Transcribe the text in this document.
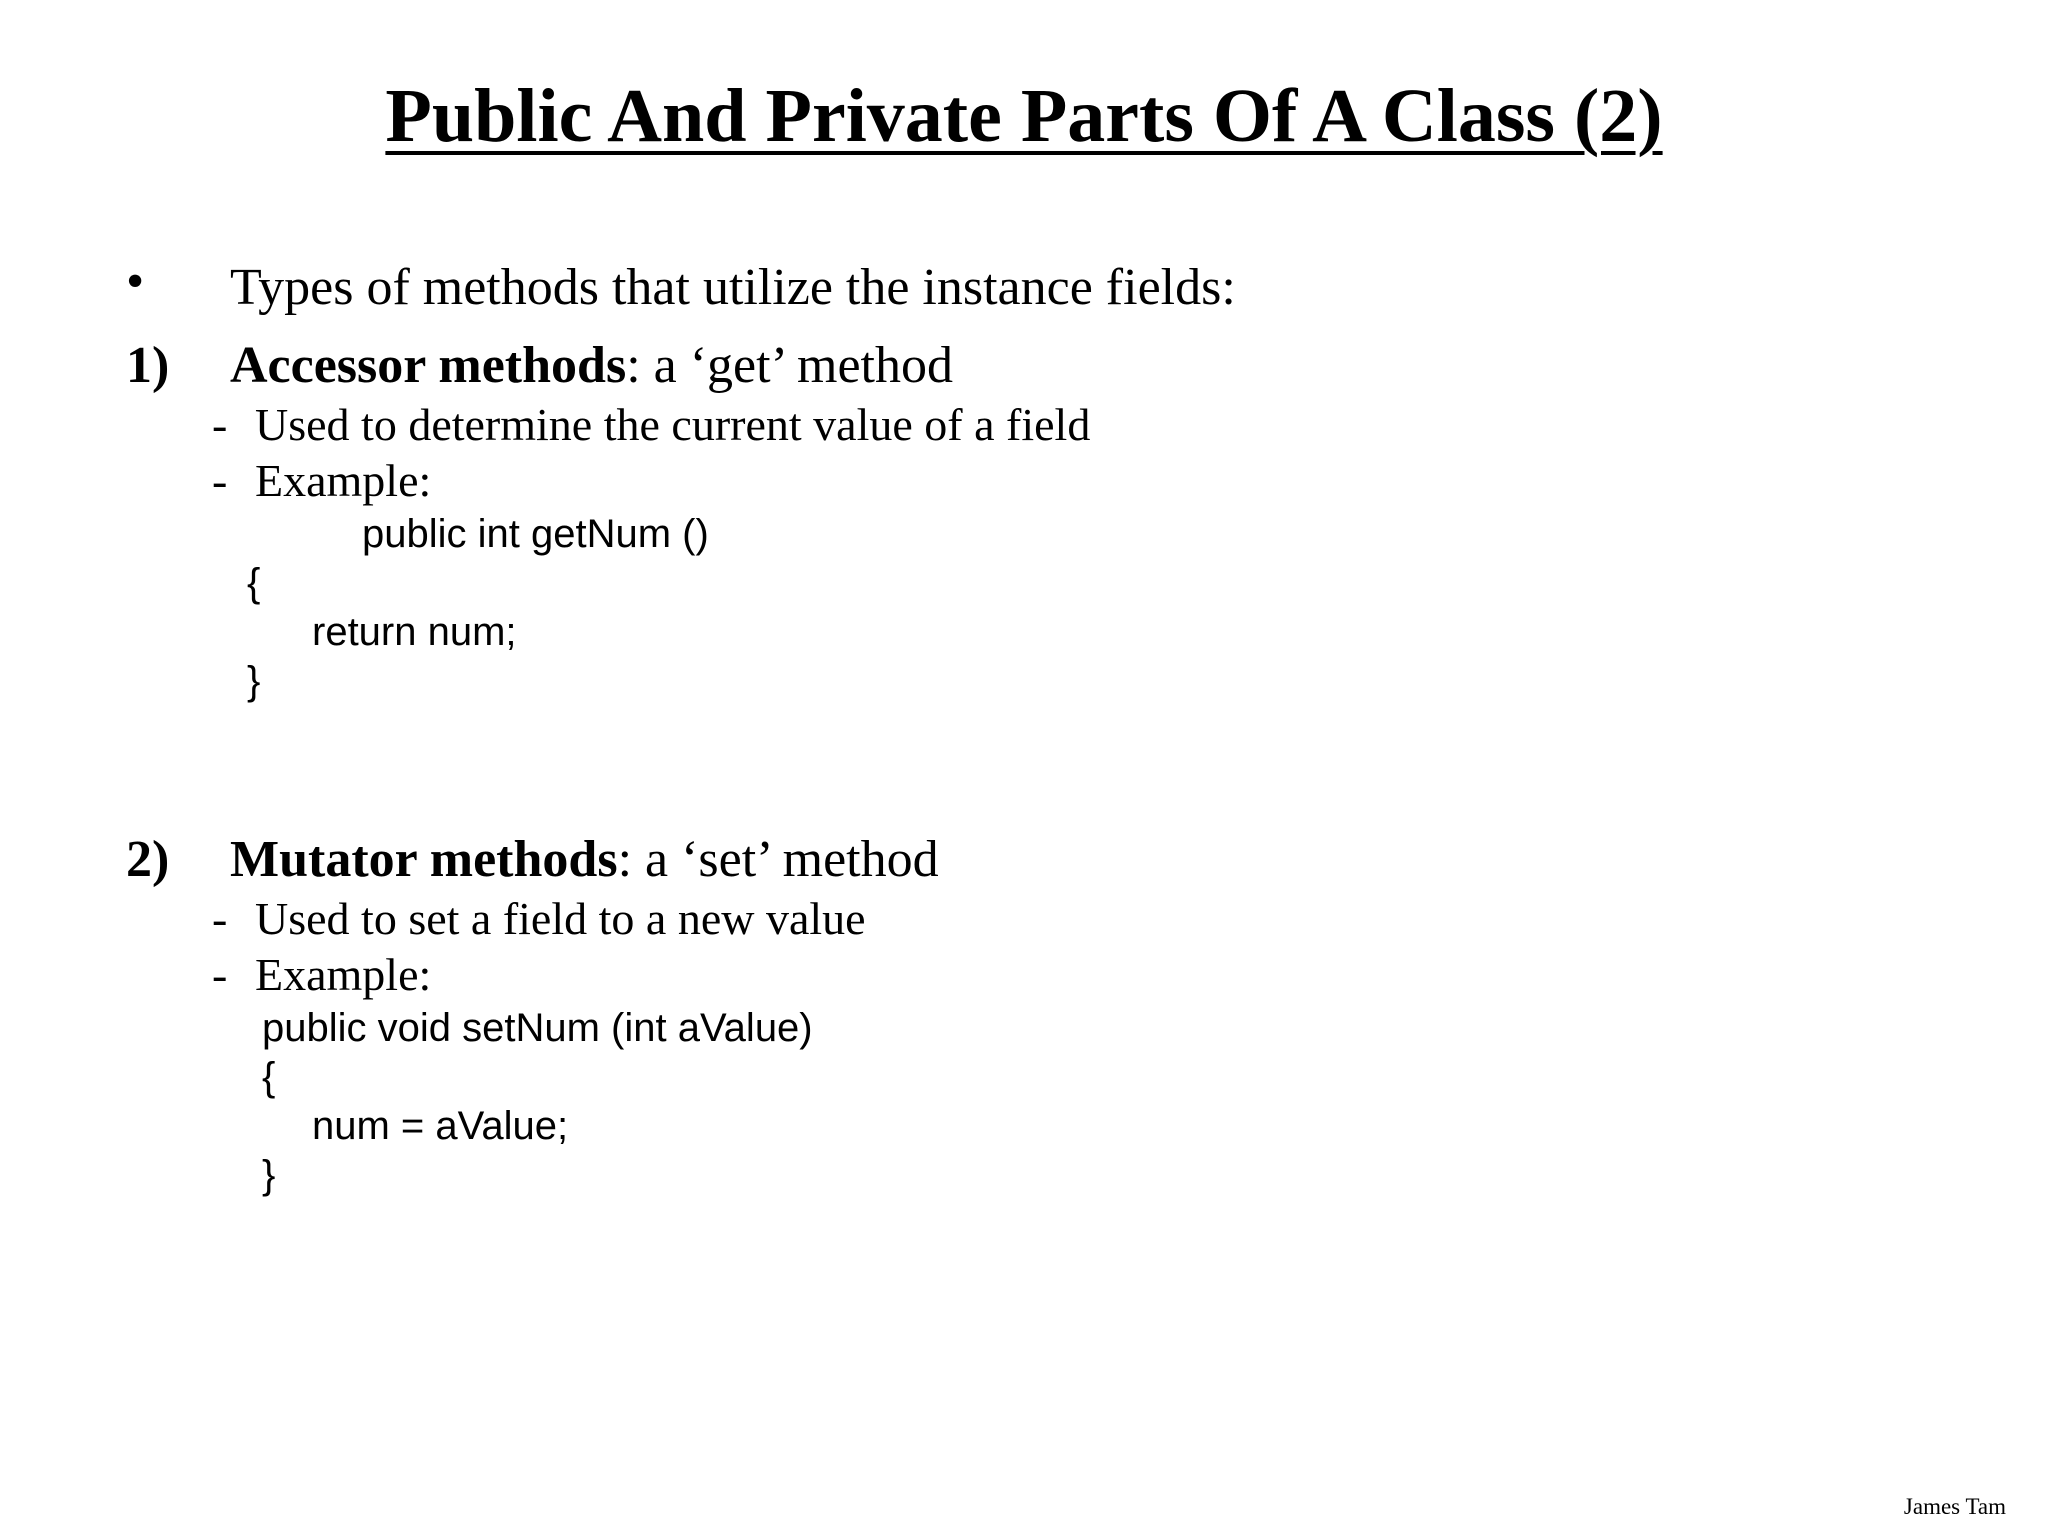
Public And Private Parts Of A Class (2)
• Types of methods that utilize the instance fields:
1) Accessor methods: a ‘get’ method
- Used to determine the current value of a field
- Example:
public int getNum ()
{
return num;
}
2) Mutator methods: a ‘set’ method
- Used to set a field to a new value
- Example:
public void setNum (int aValue)
{
num = aValue;
}
James Tam
